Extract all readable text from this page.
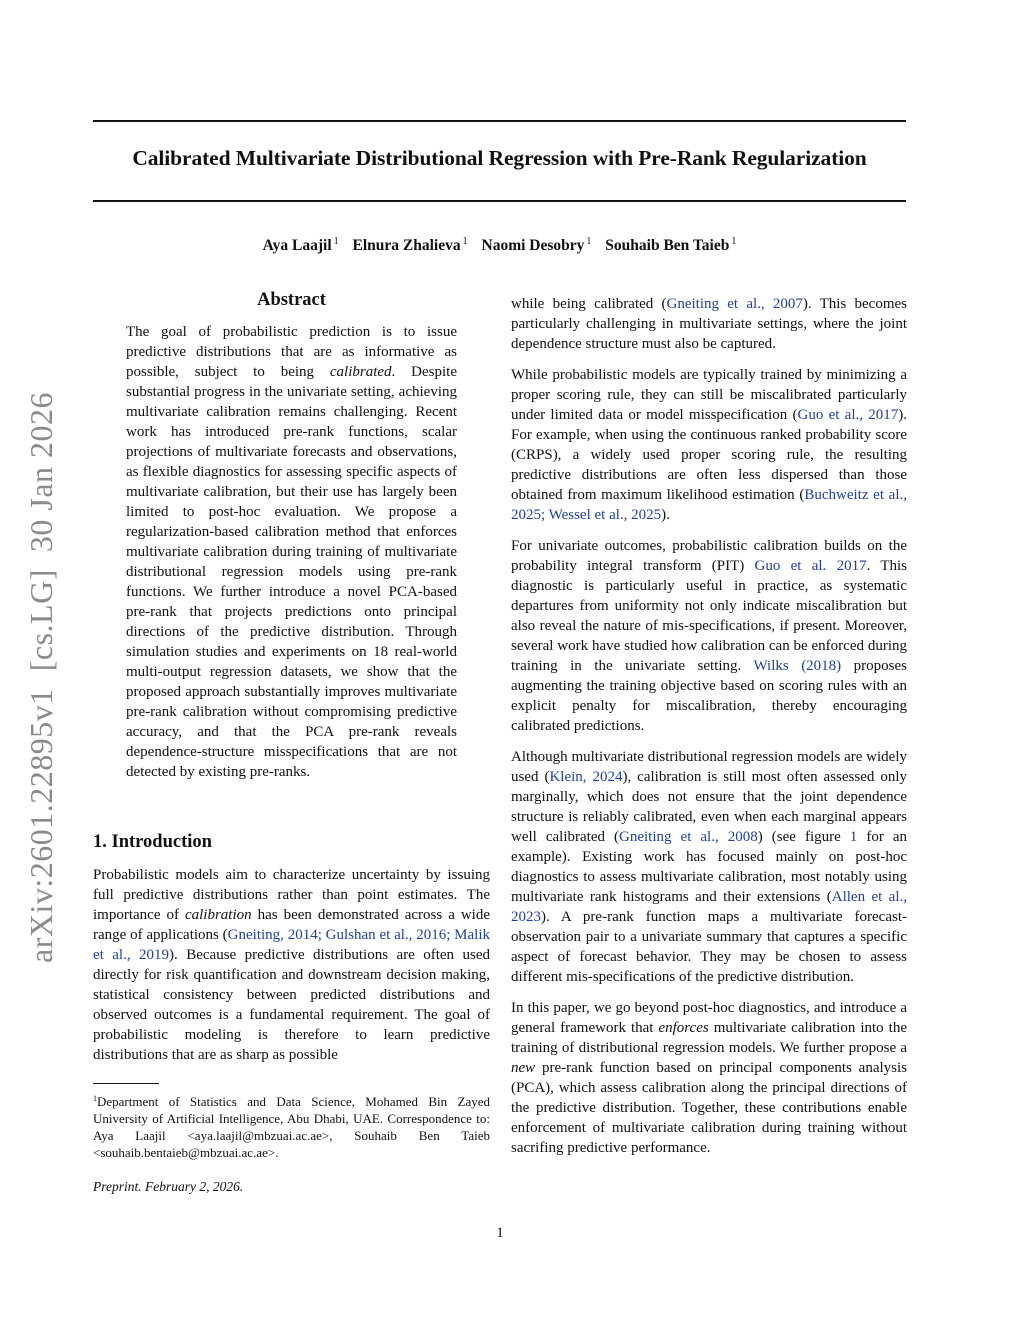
Calibrated Multivariate Distributional Regression with Pre-Rank Regularization
Aya Laajil $^1$ Elnura Zhalieva $^1$ Naomi Desobry $^1$ Souhaib Ben Taieb $^1$
arXiv:2601.22895v1  [cs.LG]  30 Jan 2026
Abstract

The goal of probabilistic prediction is to issue predictive distributions that are as informative as possible, subject to being calibrated. Despite substantial progress in the univariate setting, achieving multivariate calibration remains challenging. Recent work has introduced pre-rank functions, scalar projections of multivariate forecasts and observations, as flexible diagnostics for assessing specific aspects of multivariate calibration, but their use has largely been limited to post-hoc evaluation. We propose a regularization-based calibration method that enforces multivariate calibration during training of multivariate distributional regression models using pre-rank functions. We further introduce a novel PCA-based pre-rank that projects predictions onto principal directions of the predictive distribution. Through simulation studies and experiments on 18 real-world multi-output regression datasets, we show that the proposed approach substantially improves multivariate pre-rank calibration without compromising predictive accuracy, and that the PCA pre-rank reveals dependence-structure misspecifications that are not detected by existing pre-ranks.

1. Introduction

Probabilistic models aim to characterize uncertainty by issuing full predictive distributions rather than point estimates. The importance of calibration has been demonstrated across a wide range of applications (Gneiting, 2014; Gulshan et al., 2016; Malik et al., 2019). Because predictive distributions are often used directly for risk quantification and downstream decision making, statistical consistency between predicted distributions and observed outcomes is a fundamental requirement. The goal of probabilistic modeling is therefore to learn predictive distributions that are as sharp as possible

$^1$Department of Statistics and Data Science, Mohamed Bin Zayed University of Artificial Intelligence, Abu Dhabi, UAE. Correspondence to: Aya Laajil <aya.laajil@mbzuai.ac.ae>, Souhaib Ben Taieb <souhaib.bentaieb@mbzuai.ac.ae>.

Preprint. February 2, 2026.

while being calibrated (Gneiting et al., 2007). This becomes particularly challenging in multivariate settings, where the joint dependence structure must also be captured.

While probabilistic models are typically trained by minimizing a proper scoring rule, they can still be miscalibrated particularly under limited data or model misspecification (Guo et al., 2017). For example, when using the continuous ranked probability score (CRPS), a widely used proper scoring rule, the resulting predictive distributions are often less dispersed than those obtained from maximum likelihood estimation (Buchweitz et al., 2025; Wessel et al., 2025).

For univariate outcomes, probabilistic calibration builds on the probability integral transform (PIT) Guo et al. 2017. This diagnostic is particularly useful in practice, as systematic departures from uniformity not only indicate miscalibration but also reveal the nature of mis-specifications, if present. Moreover, several work have studied how calibration can be enforced during training in the univariate setting. Wilks (2018) proposes augmenting the training objective based on scoring rules with an explicit penalty for miscalibration, thereby encouraging calibrated predictions.

Although multivariate distributional regression models are widely used (Klein, 2024), calibration is still most often assessed only marginally, which does not ensure that the joint dependence structure is reliably calibrated, even when each marginal appears well calibrated (Gneiting et al., 2008) (see figure 1 for an example). Existing work has focused mainly on post-hoc diagnostics to assess multivariate calibration, most notably using multivariate rank histograms and their extensions (Allen et al., 2023). A pre-rank function maps a multivariate forecast-observation pair to a univariate summary that captures a specific aspect of forecast behavior. They may be chosen to assess different mis-specifications of the predictive distribution.

In this paper, we go beyond post-hoc diagnostics, and introduce a general framework that enforces multivariate calibration into the training of distributional regression models. We further propose a new pre-rank function based on principal components analysis (PCA), which assess calibration along the principal directions of the predictive distribution. Together, these contributions enable enforcement of multivariate calibration during training without sacrifing predictive performance.

1
